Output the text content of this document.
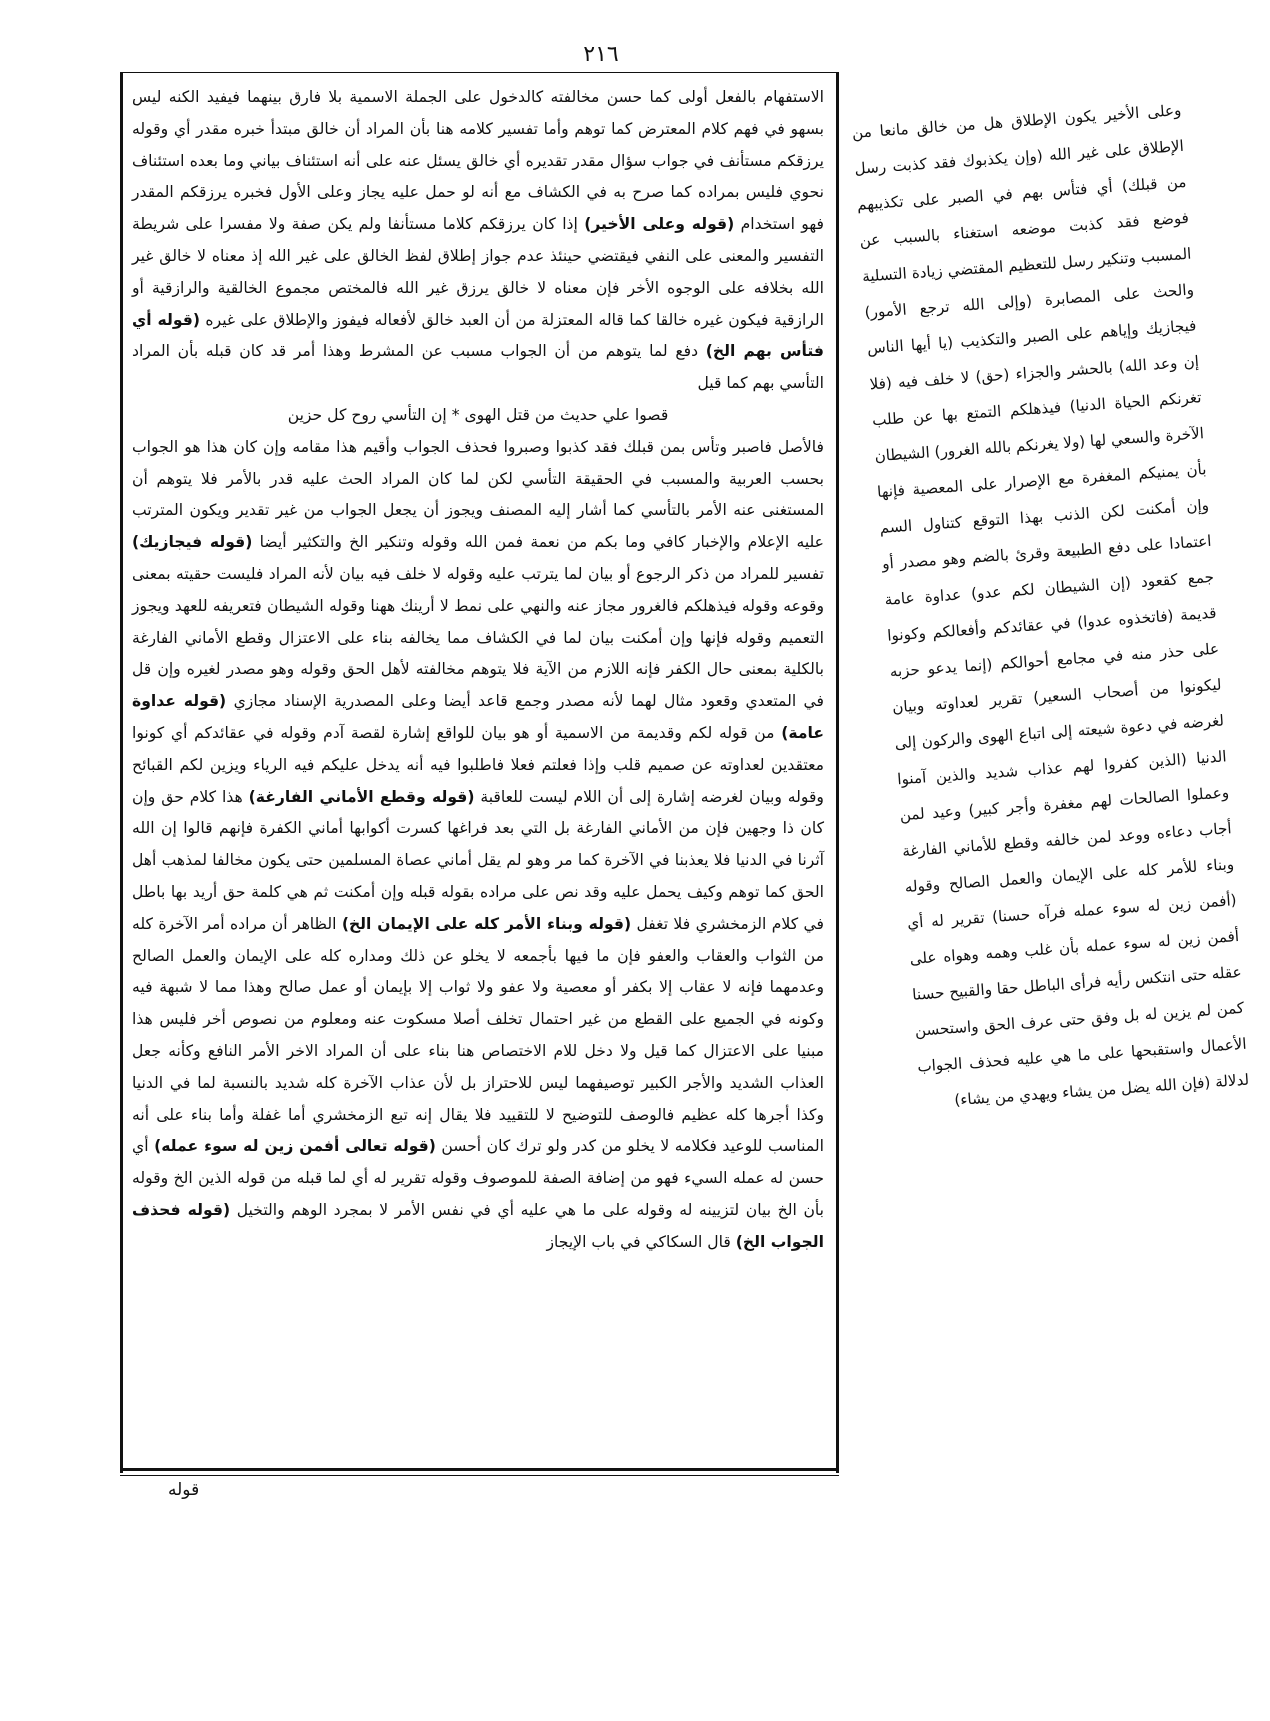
٢١٦
الاستفهام بالفعل أولى كما حسن مخالفته كالدخول على الجملة الاسمية بلا فارق بينهما فيفيد الكنه ليس بسهو في فهم كلام المعترض كما توهم وأما تفسير كلامه هنا بأن المراد أن خالق مبتدأ خبره مقدر أي وقوله يرزقكم مستأنف في جواب سؤال مقدر تقديره أي خالق يسئل عنه على أنه استئناف بياني وما بعده استئناف نحوي فليس بمراده كما صرح به في الكشاف مع أنه لو حمل عليه يجاز وعلى الأول فخبره يرزقكم المقدر فهو استخدام (قوله وعلى الأخير) إذا كان يرزقكم كلاما مستأنفا ولم يكن صفة ولا مفسرا على شريطة التفسير والمعنى على النفي فيقتضي حينئذ عدم جواز إطلاق لفظ الخالق على غير الله إذ معناه لا خالق غير الله بخلافه على الوجوه الأخر فإن معناه لا خالق يرزق غير الله فالمختص مجموع الخالقية والرازقية أو الرازقية فيكون غيره خالقا كما قاله المعتزلة من أن العبد خالق لأفعاله فيفوز والإطلاق على غيره (قوله أي فتأس بهم الخ) دفع لما يتوهم من أن الجواب مسبب عن المشرط وهذا أمر قد كان قبله بأن المراد التأسي بهم كما قيل
قصوا علي حديث من قتل الهوى * إن التأسي روح كل حزين
فالأصل فاصبر وتأس بمن قبلك فقد كذبوا وصبروا فحذف الجواب وأقيم هذا مقامه وإن كان هذا هو الجواب بحسب العربية والمسبب في الحقيقة التأسي لكن لما كان المراد الحث عليه قدر بالأمر فلا يتوهم أن المستغنى عنه الأمر بالتأسي كما أشار إليه المصنف ويجوز أن يجعل الجواب من غير تقدير ويكون المترتب عليه الإعلام والإخبار كافي وما بكم من نعمة فمن الله وقوله وتنكير الخ والتكثير أيضا (قوله فيجازيك) تفسير للمراد من ذكر الرجوع أو بيان لما يترتب عليه وقوله لا خلف فيه بيان لأنه المراد فليست حقيته بمعنى وقوعه وقوله فيذهلكم فالغرور مجاز عنه والنهي على نمط لا أرينك ههنا وقوله الشيطان فتعريفه للعهد ويجوز التعميم وقوله فإنها وإن أمكنت بيان لما في الكشاف مما يخالفه بناء على الاعتزال وقطع الأماني الفارغة بالكلية بمعنى حال الكفر فإنه اللازم من الآية فلا يتوهم مخالفته لأهل الحق وقوله وهو مصدر لغيره وإن قل في المتعدي وقعود مثال لهما لأنه مصدر وجمع قاعد أيضا وعلى المصدرية الإسناد مجازي (قوله عداوة عامة) من قوله لكم وقديمة من الاسمية أو هو بيان للواقع إشارة لقصة آدم وقوله في عقائدكم أي كونوا معتقدين لعداوته عن صميم قلب وإذا فعلتم فعلا فاطلبوا فيه أنه يدخل عليكم فيه الرياء ويزين لكم القبائح وقوله وبيان لغرضه إشارة إلى أن اللام ليست للعاقبة (قوله وقطع الأماني الفارغة) هذا كلام حق وإن كان ذا وجهين فإن من الأماني الفارغة بل التي بعد فراغها كسرت أكوابها أماني الكفرة فإنهم قالوا إن الله آثرنا في الدنيا فلا يعذبنا في الآخرة كما مر وهو لم يقل أماني عصاة المسلمين حتى يكون مخالفا لمذهب أهل الحق كما توهم وكيف يحمل عليه وقد نص على مراده بقوله قبله وإن أمكنت ثم هي كلمة حق أريد بها باطل في كلام الزمخشري فلا تغفل (قوله وبناء الأمر كله على الإيمان الخ) الظاهر أن مراده أمر الآخرة كله من الثواب والعقاب والعفو فإن ما فيها بأجمعه لا يخلو عن ذلك ومداره كله على الإيمان والعمل الصالح وعدمهما فإنه لا عقاب إلا بكفر أو معصية ولا عفو ولا ثواب إلا بإيمان أو عمل صالح وهذا مما لا شبهة فيه وكونه في الجميع على القطع من غير احتمال تخلف أصلا مسكوت عنه ومعلوم من نصوص أخر فليس هذا مبنيا على الاعتزال كما قيل ولا دخل للام الاختصاص هنا بناء على أن المراد الاخر الأمر النافع وكأنه جعل العذاب الشديد والأجر الكبير توصيفهما ليس للاحتراز بل لأن عذاب الآخرة كله شديد بالنسبة لما في الدنيا وكذا أجرها كله عظيم فالوصف للتوضيح لا للتقييد فلا يقال إنه تبع الزمخشري أما غفلة وأما بناء على أنه المناسب للوعيد فكلامه لا يخلو من كدر ولو ترك كان أحسن (قوله تعالى أفمن زين له سوء عمله) أي حسن له عمله السيء فهو من إضافة الصفة للموصوف وقوله تقرير له أي لما قبله من قوله الذين الخ وقوله بأن الخ بيان لتزيينه له وقوله على ما هي عليه أي في نفس الأمر لا بمجرد الوهم والتخيل (قوله فحذف الجواب الخ) قال السكاكي في باب الإيجاز
وعلى الأخير يكون الإطلاق هل من خالق مانعا من الإطلاق على غير الله (وإن يكذبوك فقد كذبت رسل من قبلك) أي فتأس بهم في الصبر على تكذيبهم فوضع فقد كذبت موضعه استغناء بالسبب عن المسبب وتنكير رسل للتعظيم المقتضي زيادة التسلية والحث على المصابرة (وإلى الله ترجع الأمور) فيجازيك وإياهم على الصبر والتكذيب (يا أيها الناس إن وعد الله) بالحشر والجزاء (حق) لا خلف فيه (فلا تغرنكم الحياة الدنيا) فيذهلكم التمتع بها عن طلب الآخرة والسعي لها (ولا يغرنكم بالله الغرور) الشيطان بأن يمنيكم المغفرة مع الإصرار على المعصية فإنها وإن أمكنت لكن الذنب بهذا التوقع كتناول السم اعتمادا على دفع الطبيعة وقرئ بالضم وهو مصدر أو جمع كقعود (إن الشيطان لكم عدو) عداوة عامة قديمة (فاتخذوه عدوا) في عقائدكم وأفعالكم وكونوا على حذر منه في مجامع أحوالكم (إنما يدعو حزبه ليكونوا من أصحاب السعير) تقرير لعداوته وبيان لغرضه في دعوة شيعته إلى اتباع الهوى والركون إلى الدنيا (الذين كفروا لهم عذاب شديد والذين آمنوا وعملوا الصالحات لهم مغفرة وأجر كبير) وعيد لمن أجاب دعاءه ووعد لمن خالفه وقطع للأماني الفارغة وبناء للأمر كله على الإيمان والعمل الصالح وقوله (أفمن زين له سوء عمله فرآه حسنا) تقرير له أي أفمن زين له سوء عمله بأن غلب وهمه وهواه على عقله حتى انتكس رأيه فرأى الباطل حقا والقبيح حسنا كمن لم يزين له بل وفق حتى عرف الحق واستحسن الأعمال واستقبحها على ما هي عليه فحذف الجواب لدلالة (فإن الله يضل من يشاء ويهدي من يشاء)
قوله
